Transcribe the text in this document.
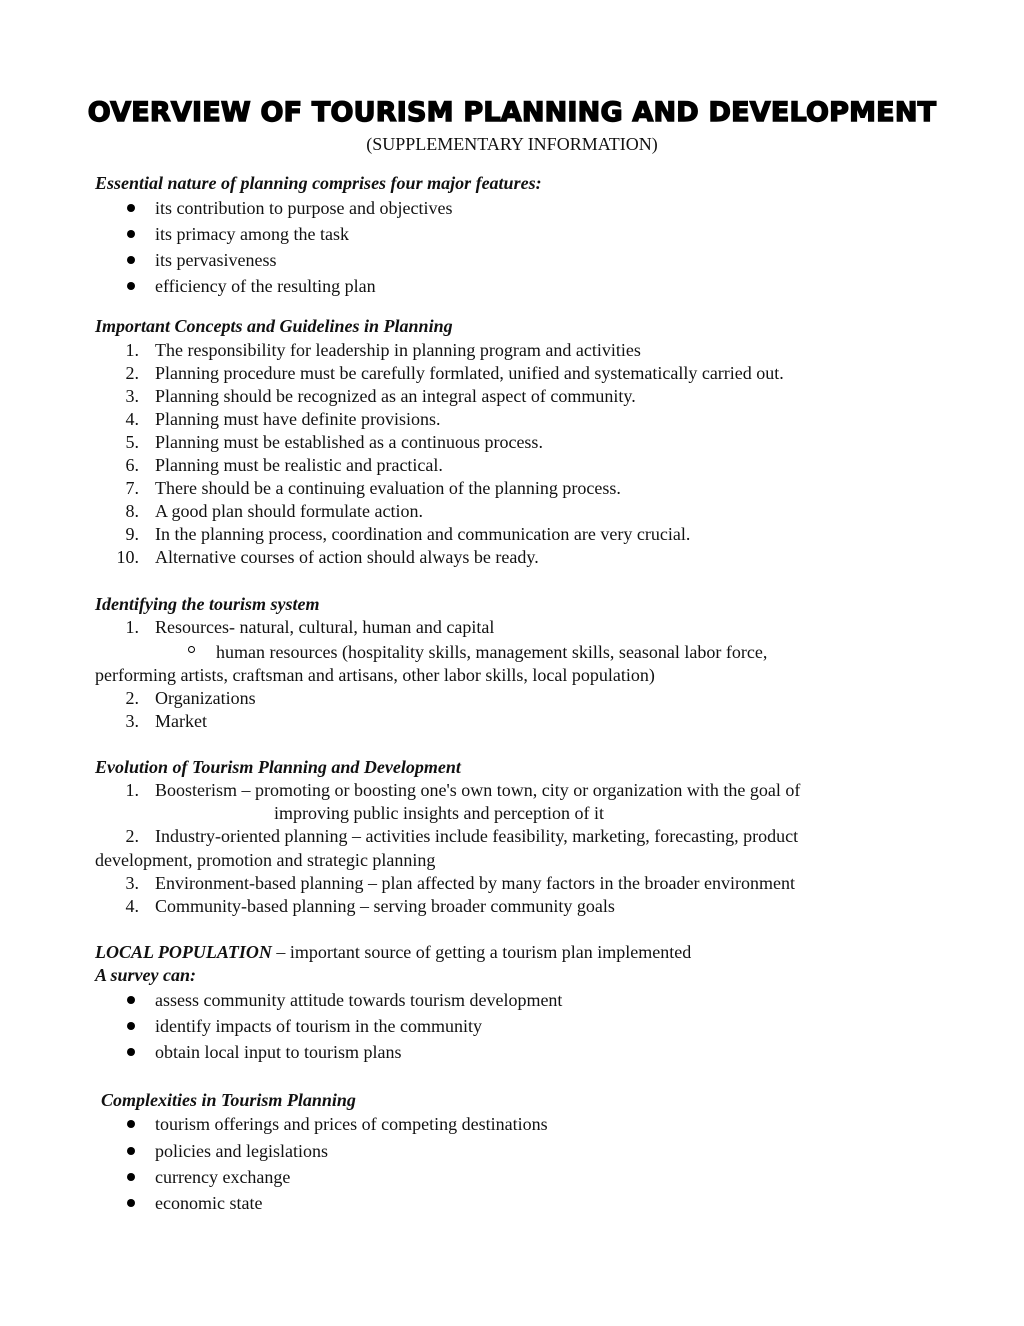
OVERVIEW OF TOURISM PLANNING AND DEVELOPMENT
(SUPPLEMENTARY INFORMATION)
Essential nature of planning comprises four major features:
its contribution to purpose and objectives
its primacy among the task
its pervasiveness
efficiency of the resulting plan
Important Concepts and Guidelines in Planning
1. The responsibility for leadership in planning program and activities
2. Planning procedure must be carefully formlated, unified and systematically carried out.
3. Planning should be recognized as an integral aspect of community.
4. Planning must have definite provisions.
5. Planning must be established as a continuous process.
6. Planning must be realistic and practical.
7. There should be a continuing evaluation of the planning process.
8. A good plan should formulate action.
9. In the planning process, coordination and communication are very crucial.
10. Alternative courses of action should always be ready.
Identifying the tourism system
1. Resources- natural, cultural, human and capital
human resources (hospitality skills, management skills, seasonal labor force,
performing artists, craftsman and artisans, other labor skills, local population)
2. Organizations
3. Market
Evolution of Tourism Planning and Development
1. Boosterism – promoting or boosting one's own town, city or organization with the goal of
improving public insights and perception of it
2. Industry-oriented planning – activities include feasibility, marketing, forecasting, product
development, promotion and strategic planning
3. Environment-based planning – plan affected by many factors in the broader environment
4. Community-based planning – serving broader community goals
LOCAL POPULATION – important source of getting a tourism plan implemented
A survey can:
assess community attitude towards tourism development
identify impacts of tourism in the community
obtain local input to tourism plans
Complexities in Tourism Planning
tourism offerings and prices of competing destinations
policies and legislations
currency exchange
economic state
